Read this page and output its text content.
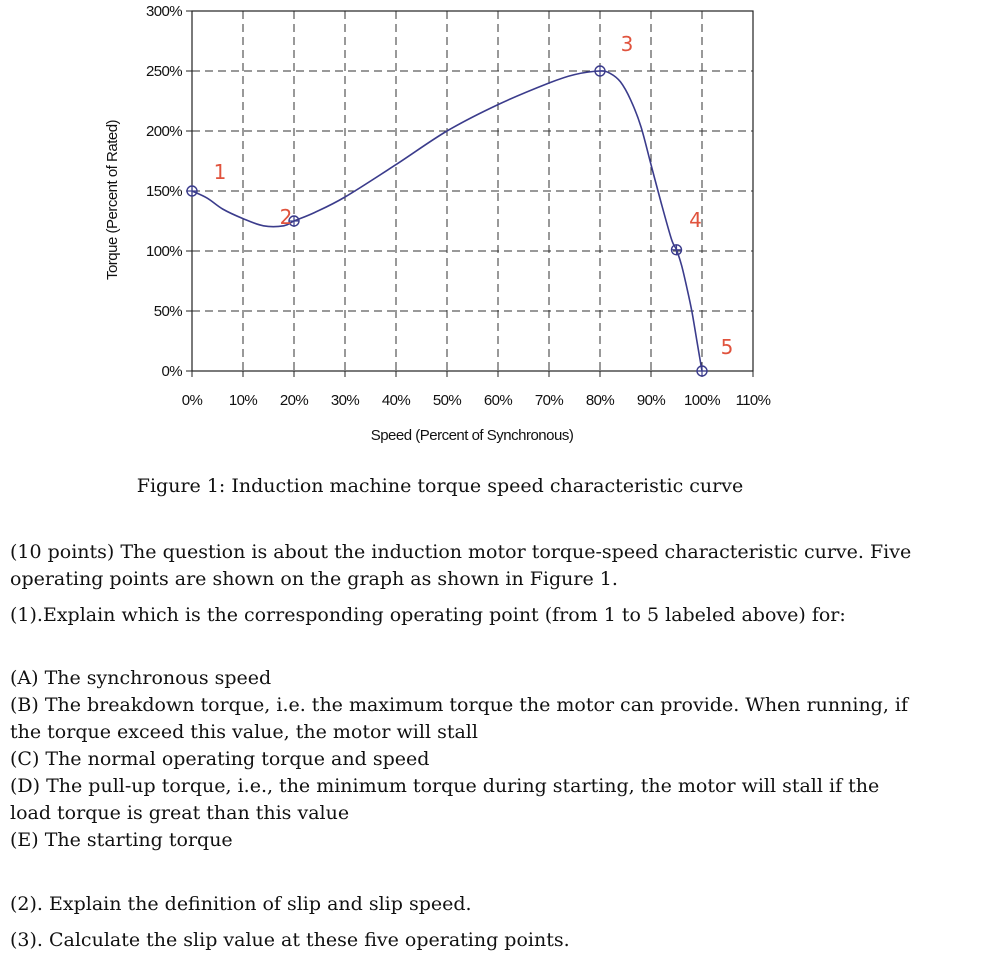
0%
50%
100%
150%
200%
250%
300%
0% 10% 20% 30% 40% 50% 60% 70% 80% 90% 100% 110%
Speed (Percent of Synchronous)
Torque (Percent of Rated)	1
2
3
4
5
Figure 1: Induction machine torque speed characteristic curve

(10 points) The question is about the induction motor torque-speed characteristic curve. Five operating points are shown on the graph as shown in Figure 1.

(1).Explain which is the corresponding operating point (from 1 to 5 labeled above) for:

(A) The synchronous speed

(B) The breakdown torque, i.e. the maximum torque the motor can provide. When running, if the torque exceed this value, the motor will stall

(C) The normal operating torque and speed

(D) The pull-up torque, i.e., the minimum torque during starting, the motor will stall if the load torque is great than this value

(E) The starting torque

(2). Explain the definition of slip and slip speed.

(3). Calculate the slip value at these five operating points.
